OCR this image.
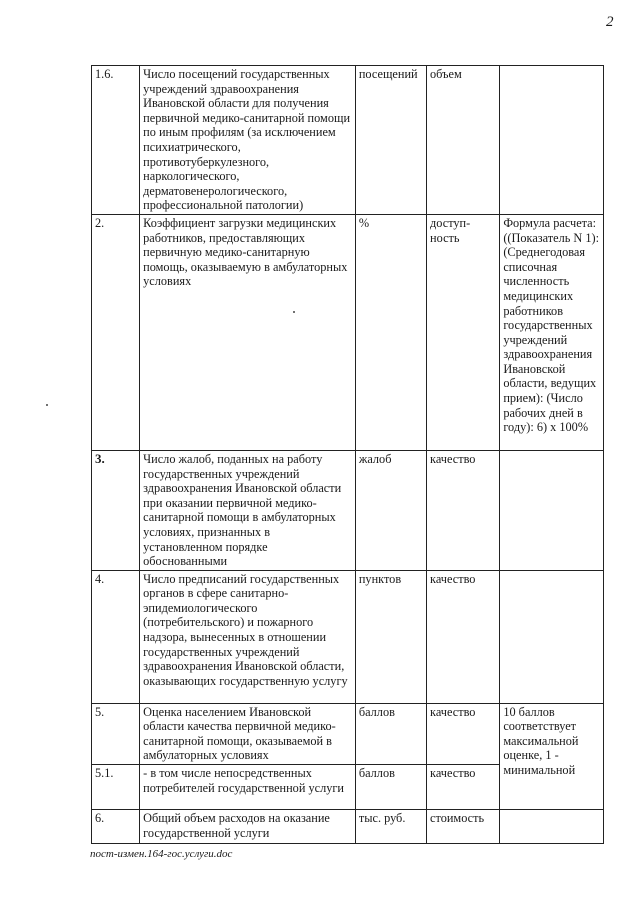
2
1.6.	Число посещений государственных учреждений здравоохранения Ивановской области для получения первичной медико-санитарной помощи по иным профилям (за исключением психиатрического, противотуберкулезного, наркологического, дерматовенерологического, профессиональной патологии)	посещений	объем	
2.	Коэффициент загрузки медицинских работников, предоставляющих первичную медико-санитарную помощь, оказываемую в амбулаторных условиях	%	доступ-ность	Формула расчета: ((Показатель N 1): (Среднегодовая списочная численность медицинских работников государственных учреждений здравоохранения Ивановской области, ведущих прием): (Число рабочих дней в году): 6) х 100%
3.	Число жалоб, поданных на работу государственных учреждений здравоохранения Ивановской области при оказании первичной медико-санитарной помощи в амбулаторных условиях, признанных в установленном порядке обоснованными	жалоб	качество	
4.	Число предписаний государственных органов в сфере санитарно-эпидемиологического (потребительского) и пожарного надзора, вынесенных в отношении государственных учреждений здравоохранения Ивановской области, оказывающих государственную услугу	пунктов	качество	
5.	Оценка населением Ивановской области качества первичной медико-санитарной помощи, оказываемой в амбулаторных условиях	баллов	качество	10 баллов соответствует максимальной оценке, 1 - минимальной
5.1.	- в том числе непосредственных потребителей государственной услуги	баллов	качество	
6.	Общий объем расходов на оказание государственной услуги	тыс. руб.	стоимость	
пост-измен.164-гос.услуги.doc
